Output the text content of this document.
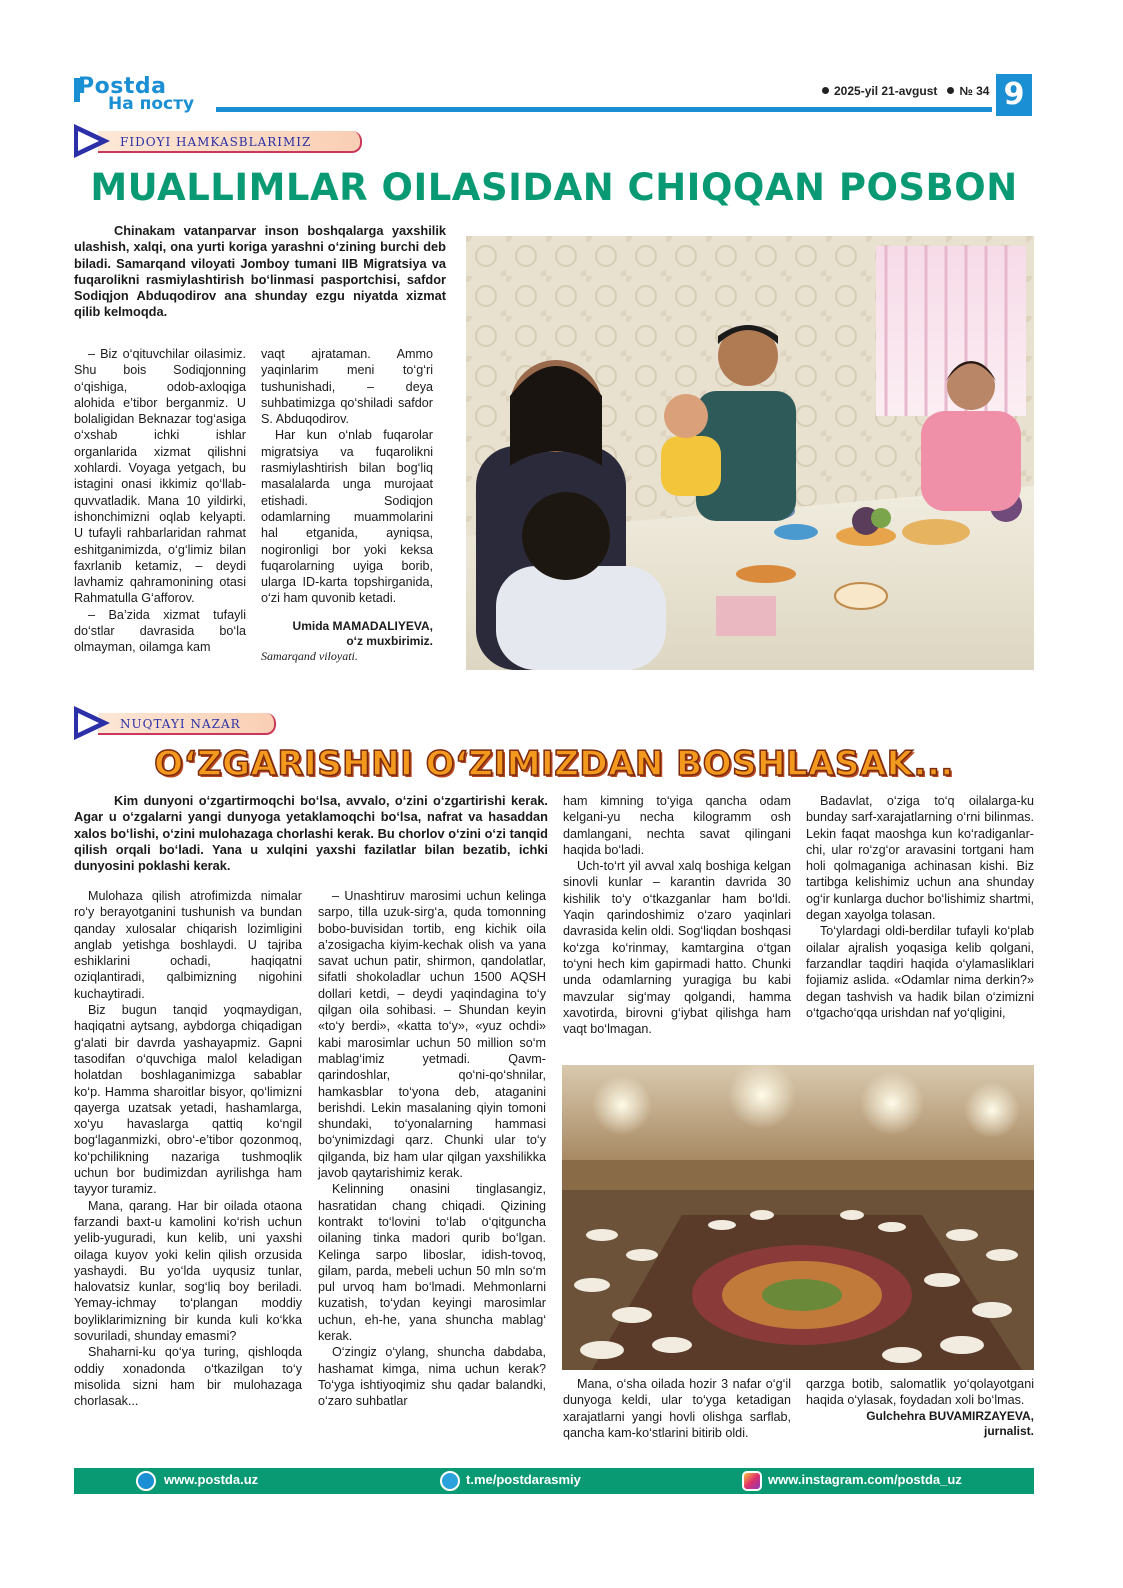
Postda
На посту
2025-yil 21-avgust № 34 9
FIDOYI HAMKASBLARIMIZ
MUALLIMLAR OILASIDAN CHIQQAN POSBON

Chinakam vatanparvar inson boshqalarga yaxshilik ulashish, xalqi, ona yurti koriga yarashni o‘zining burchi deb biladi. Samarqand viloyati Jomboy tumani IIB Migratsiya va fuqarolikni rasmiylashtirish bo‘linmasi pasportchisi, safdor Sodiqjon Abduqodirov ana shunday ezgu niyatda xizmat qilib kelmoqda.

– Biz o‘qituvchilar oilasimiz. Shu bois Sodiqjonning o‘qishiga, odob-axloqiga alohida e’tibor berganmiz. U bolaligidan Beknazar tog‘asiga o‘xshab ichki ishlar organlarida xizmat qilishni xohlardi. Voyaga yetgach, bu istagini onasi ikkimiz qo‘llab-quvvatladik. Mana 10 yildirki, ishonchimizni oqlab kelyapti. U tufayli rahbarlaridan rahmat eshitganimizda, o‘g‘limiz bilan faxrlanib ketamiz, – deydi lavhamiz qahramonining otasi Rahmatulla G‘afforov.

– Ba’zida xizmat tufayli do‘stlar davrasida bo‘la olmayman, oilamga kam

vaqt ajrataman. Ammo yaqinlarim meni to‘g‘ri tushunishadi, – deya suhbatimizga qo‘shiladi safdor S. Abduqodirov.

Har kun o‘nlab fuqarolar migratsiya va fuqarolikni rasmiylashtirish bilan bog‘liq masalalarda unga murojaat etishadi. Sodiqjon odamlarning muammolarini hal etganida, ayniqsa, nogironligi bor yoki keksa fuqarolarning uyiga borib, ularga ID-karta topshirganida, o‘zi ham quvonib ketadi.

Umida MAMADALIYEVA,
o‘z muxbirimiz.
Samarqand viloyati.
NUQTAYI NAZAR
O‘ZGARISHNI O‘ZIMIZDAN BOSHLASAK...

Kim dunyoni o‘zgartirmoqchi bo‘lsa, avvalo, o‘zini o‘zgartirishi kerak. Agar u o‘zgalarni yangi dunyoga yetaklamoqchi bo‘lsa, nafrat va hasaddan xalos bo‘lishi, o‘zini mulohazaga chorlashi kerak. Bu chorlov o‘zini o‘zi tanqid qilish orqali bo‘ladi. Yana u xulqini yaxshi fazilatlar bilan bezatib, ichki dunyosini poklashi kerak.

Mulohaza qilish atrofimizda nimalar ro‘y berayotganini tushunish va bundan qanday xulosalar chiqarish lozimligini anglab yetishga boshlaydi. U tajriba eshiklarini ochadi, haqiqatni oziqlantiradi, qalbimizning nigohini kuchaytiradi.

Biz bugun tanqid yoqmaydigan, haqiqatni aytsang, aybdorga chiqadigan g‘alati bir davrda yashayapmiz. Gapni tasodifan o‘quvchiga malol keladigan holatdan boshlaganimizga sabablar ko‘p. Hamma sharoitlar bisyor, qo‘limizni qayerga uzatsak yetadi, hashamlarga, xo‘yu havaslarga qattiq ko‘ngil bog‘laganmizki, obro‘-e’tibor qozonmoq, ko‘pchilikning nazariga tushmoqlik uchun bor budimizdan ayrilishga ham tayyor turamiz.

Mana, qarang. Har bir oilada otaona farzandi baxt-u kamolini ko‘rish uchun yelib-yuguradi, kun kelib, uni yaxshi oilaga kuyov yoki kelin qilish orzusida yashaydi. Bu yo‘lda uyqusiz tunlar, halovatsiz kunlar, sog‘liq boy beriladi. Yemay-ichmay to‘plangan moddiy boyliklarimizning bir kunda kuli ko‘kka sovuriladi, shunday emasmi?

Shaharni-ku qo‘ya turing, qishloqda oddiy xonadonda o‘tkazilgan to‘y misolida sizni ham bir mulohazaga chorlasak...

– Unashtiruv marosimi uchun kelinga sarpo, tilla uzuk-sirg‘a, quda tomonning bobo-buvisidan tortib, eng kichik oila a’zosigacha kiyim-kechak olish va yana savat uchun patir, shirmon, qandolatlar, sifatli shokoladlar uchun 1500 AQSH dollari ketdi, – deydi yaqindagina to‘y qilgan oila sohibasi. – Shundan keyin «to‘y berdi», «katta to‘y», «yuz ochdi» kabi marosimlar uchun 50 million so‘m mablag‘imiz yetmadi. Qavm-qarindoshlar, qo‘ni-qo‘shnilar, hamkasblar to‘yona deb, ataganini berishdi. Lekin masalaning qiyin tomoni shundaki, to‘yonalarning hammasi bo‘ynimizdagi qarz. Chunki ular to‘y qilganda, biz ham ular qilgan yaxshilikka javob qaytarishimiz kerak.

Kelinning onasini tinglasangiz, hasratidan chang chiqadi. Qizining kontrakt to‘lovini to‘lab o‘qitguncha oilaning tinka madori qurib bo‘lgan. Kelinga sarpo liboslar, idish-tovoq, gilam, parda, mebeli uchun 50 mln so‘m pul urvoq ham bo‘lmadi. Mehmonlarni kuzatish, to‘ydan keyingi marosimlar uchun, eh-he, yana shuncha mablag‘ kerak.

O‘zingiz o‘ylang, shuncha dabdaba, hashamat kimga, nima uchun kerak? To‘yga ishtiyoqimiz shu qadar balandki, o‘zaro suhbatlar

ham kimning to‘yiga qancha odam kelgani-yu necha kilogramm osh damlangani, nechta savat qilingani haqida bo‘ladi.

Uch-to‘rt yil avval xalq boshiga kelgan sinovli kunlar – karantin davrida 30 kishilik to‘y o‘tkazganlar ham bo‘ldi. Yaqin qarindoshimiz o‘zaro yaqinlari davrasida kelin oldi. Sog‘liqdan boshqasi ko‘zga ko‘rinmay, kamtargina o‘tgan to‘yni hech kim gapirmadi hatto. Chunki unda odamlarning yuragiga bu kabi mavzular sig‘may qolgandi, hamma xavotirda, birovni g‘iybat qilishga ham vaqt bo‘lmagan.

Badavlat, o‘ziga to‘q oilalarga-ku bunday sarf-xarajatlarning o‘rni bilinmas. Lekin faqat maoshga kun ko‘radiganlar-chi, ular ro‘zg‘or aravasini tortgani ham holi qolmaganiga achinasan kishi. Biz tartibga kelishimiz uchun ana shunday og‘ir kunlarga duchor bo‘lishimiz shartmi, degan xayolga tolasan.

To‘ylardagi oldi-berdilar tufayli ko‘plab oilalar ajralish yoqasiga kelib qolgani, farzandlar taqdiri haqida o‘ylamasliklari fojiamiz aslida. «Odamlar nima derkin?» degan tashvish va hadik bilan o‘zimizni o‘tgacho‘qqa urishdan naf yo‘qligini,

Mana, o‘sha oilada hozir 3 nafar o‘g‘il dunyoga keldi, ular to‘yga ketadigan xarajatlarni yangi hovli olishga sarflab, qancha kam-ko‘stlarini bitirib oldi.

qarzga botib, salomatlik yo‘qolayotgani haqida o‘ylasak, foydadan xoli bo‘lmas.

Gulchehra BUVAMIRZAYEVA,
jurnalist.
www.postda.uz	t.me/postdarasmiy	www.instagram.com/postda_uz
